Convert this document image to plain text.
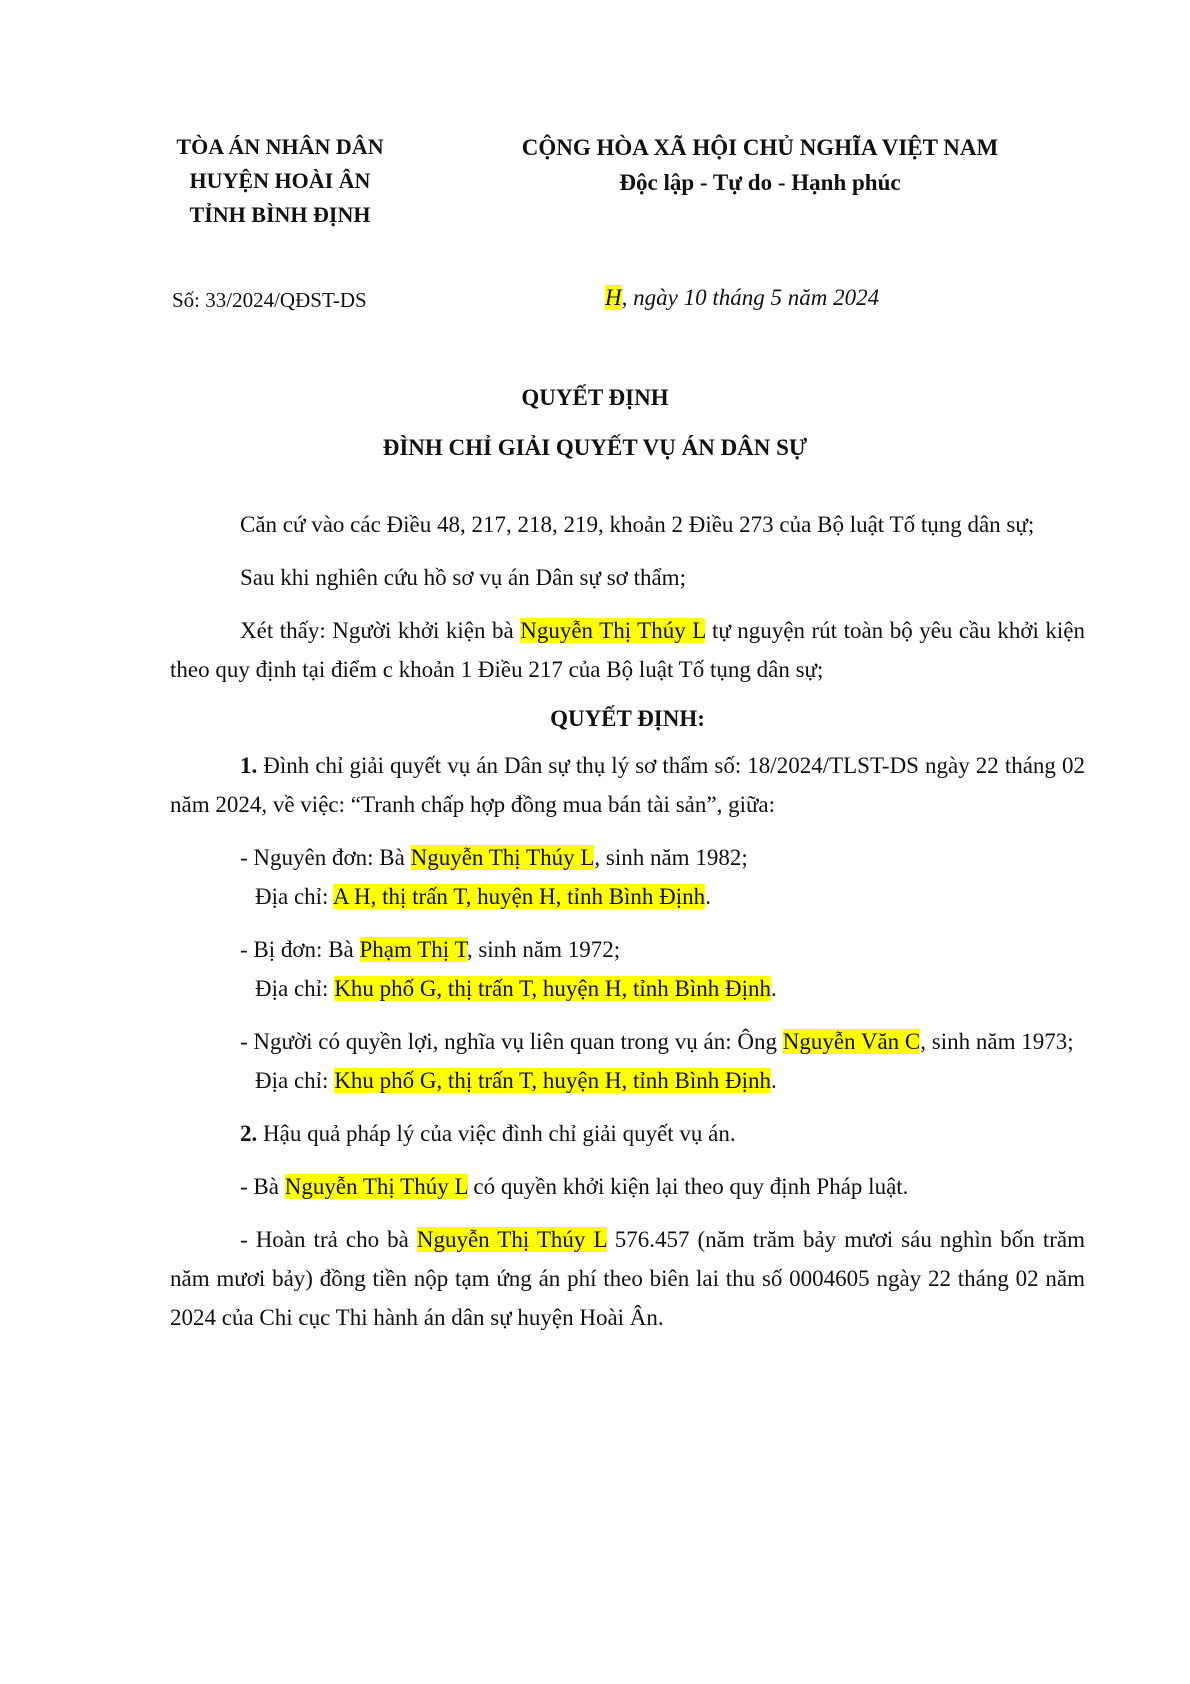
TÒA ÁN NHÂN DÂN
HUYỆN HOÀI ÂN
TỈNH BÌNH ĐỊNH
CỘNG HÒA XÃ HỘI CHỦ NGHĨA VIỆT NAM
Độc lập - Tự do - Hạnh phúc
Số: 33/2024/QĐST-DS	H, ngày 10 tháng 5 năm 2024
QUYẾT ĐỊNH
ĐÌNH CHỈ GIẢI QUYẾT VỤ ÁN DÂN SỰ

Căn cứ vào các Điều 48, 217, 218, 219, khoản 2 Điều 273 của Bộ luật Tố tụng dân sự;

Sau khi nghiên cứu hồ sơ vụ án Dân sự sơ thẩm;

Xét thấy: Người khởi kiện bà Nguyễn Thị Thúy L tự nguyện rút toàn bộ yêu cầu khởi kiện theo quy định tại điểm c khoản 1 Điều 217 của Bộ luật Tố tụng dân sự;

QUYẾT ĐỊNH:

1. Đình chỉ giải quyết vụ án Dân sự thụ lý sơ thẩm số: 18/2024/TLST-DS ngày 22 tháng 02 năm 2024, về việc: “Tranh chấp hợp đồng mua bán tài sản”, giữa:

- Nguyên đơn: Bà Nguyễn Thị Thúy L, sinh năm 1982;

Địa chỉ: A H, thị trấn T, huyện H, tỉnh Bình Định.

- Bị đơn: Bà Phạm Thị T, sinh năm 1972;

Địa chỉ: Khu phố G, thị trấn T, huyện H, tỉnh Bình Định.

- Người có quyền lợi, nghĩa vụ liên quan trong vụ án: Ông Nguyễn Văn C, sinh năm 1973;

Địa chỉ: Khu phố G, thị trấn T, huyện H, tỉnh Bình Định.

2. Hậu quả pháp lý của việc đình chỉ giải quyết vụ án.

- Bà Nguyễn Thị Thúy L có quyền khởi kiện lại theo quy định Pháp luật.

- Hoàn trả cho bà Nguyễn Thị Thúy L 576.457 (năm trăm bảy mươi sáu nghìn bốn trăm năm mươi bảy) đồng tiền nộp tạm ứng án phí theo biên lai thu số 0004605 ngày 22 tháng 02 năm 2024 của Chi cục Thi hành án dân sự huyện Hoài Ân.
